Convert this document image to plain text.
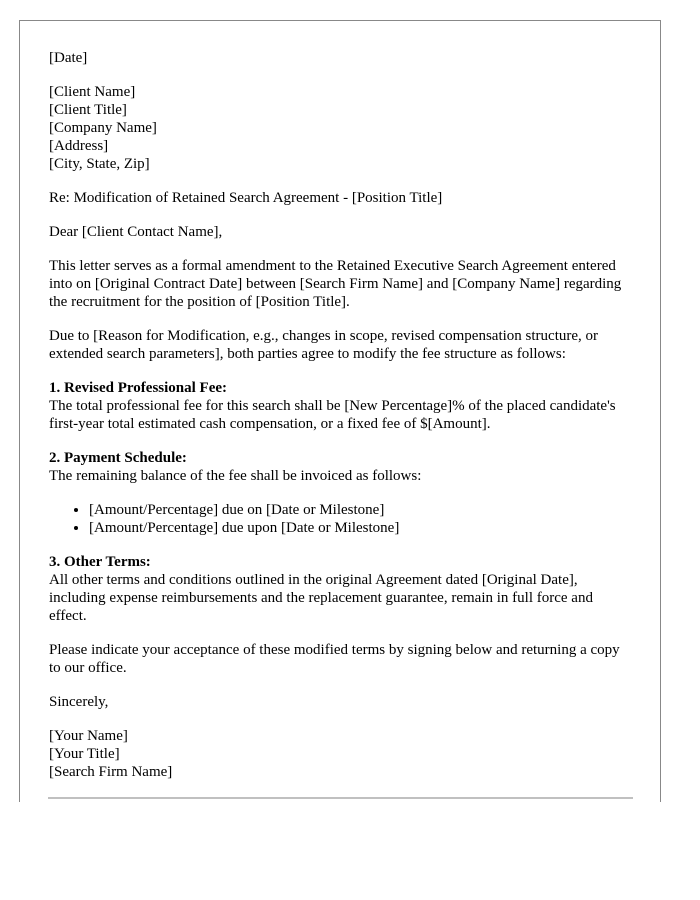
[Date]

[Client Name]
[Client Title]
[Company Name]
[Address]
[City, State, Zip]

Re: Modification of Retained Search Agreement - [Position Title]

Dear [Client Contact Name],

This letter serves as a formal amendment to the Retained Executive Search Agreement entered into on [Original Contract Date] between [Search Firm Name] and [Company Name] regarding the recruitment for the position of [Position Title].

Due to [Reason for Modification, e.g., changes in scope, revised compensation structure, or extended search parameters], both parties agree to modify the fee structure as follows:

1. Revised Professional Fee:
The total professional fee for this search shall be [New Percentage]% of the placed candidate's first-year total estimated cash compensation, or a fixed fee of $[Amount].
2. Payment Schedule:
The remaining balance of the fee shall be invoiced as follows:
• [Amount/Percentage] due on [Date or Milestone]
• [Amount/Percentage] due upon [Date or Milestone]
3. Other Terms:
All other terms and conditions outlined in the original Agreement dated [Original Date], including expense reimbursements and the replacement guarantee, remain in full force and effect.

Please indicate your acceptance of these modified terms by signing below and returning a copy to our office.

Sincerely,

[Your Name]
[Your Title]
[Search Firm Name]
